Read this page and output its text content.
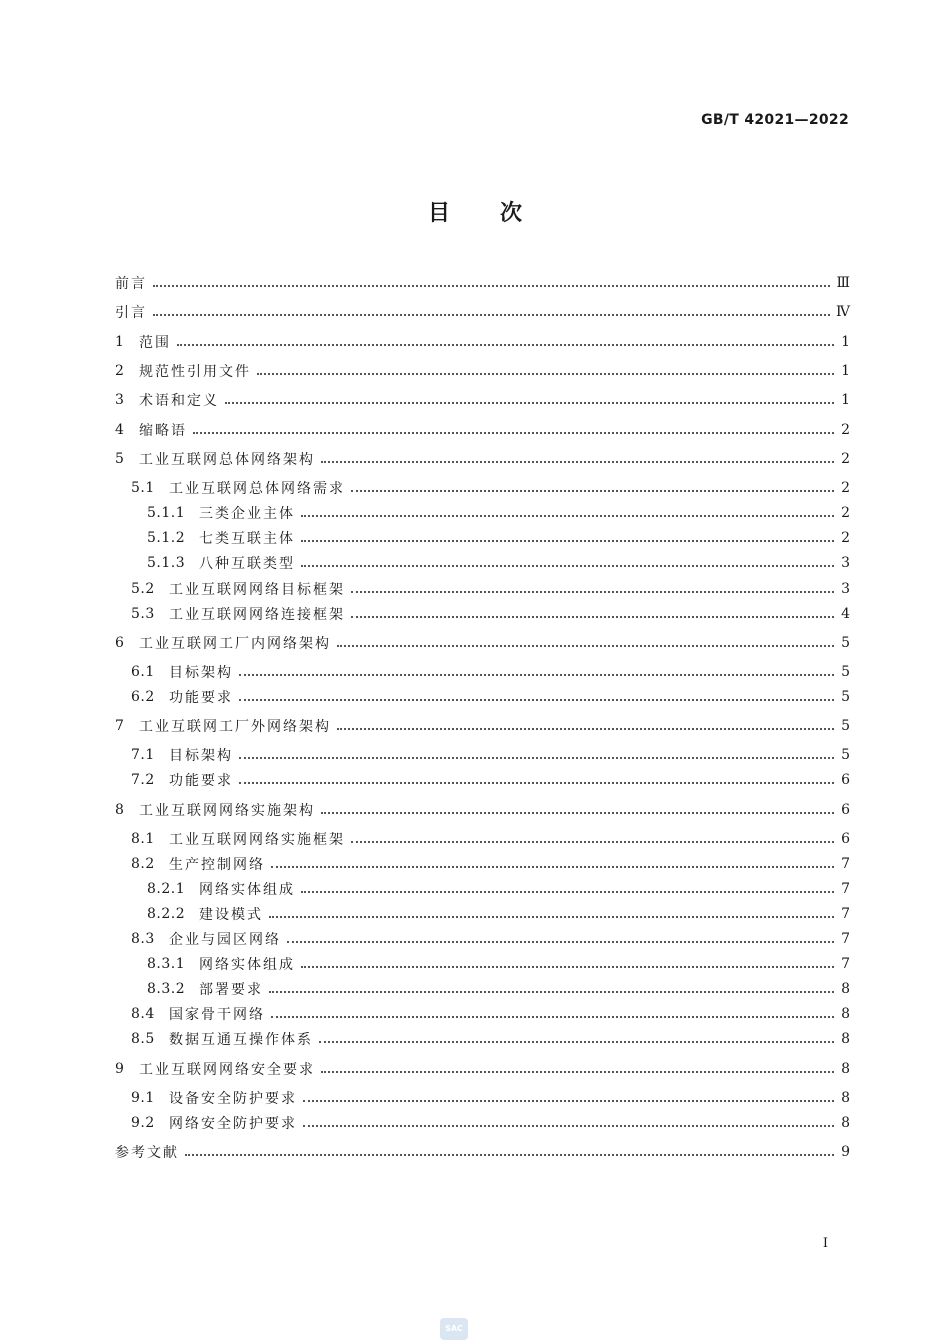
GB/T 42021—2022
目 次
前言	Ⅲ
引言	Ⅳ
1	范围	1
2	规范性引用文件	1
3	术语和定义	1
4	缩略语	2
5	工业互联网总体网络架构	2
5.1	工业互联网总体网络需求	2
5.1.1 三类企业主体	2
5.1.2 七类互联主体	2
5.1.3 八种互联类型	3
5.2	工业互联网网络目标框架	3
5.3	工业互联网网络连接框架	4
6	工业互联网工厂内网络架构	5
6.1	目标架构	5
6.2	功能要求	5
7	工业互联网工厂外网络架构	5
7.1	目标架构	5
7.2	功能要求	6
8	工业互联网网络实施架构	6
8.1	工业互联网网络实施框架	6
8.2	生产控制网络	7
8.2.1 网络实体组成	7
8.2.2 建设模式	7
8.3	企业与园区网络	7
8.3.1 网络实体组成	7
8.3.2 部署要求	8
8.4	国家骨干网络	8
8.5	数据互通互操作体系	8
9	工业互联网网络安全要求	8
9.1	设备安全防护要求	8
9.2	网络安全防护要求	8
参考文献	9
Ⅰ
SAC
